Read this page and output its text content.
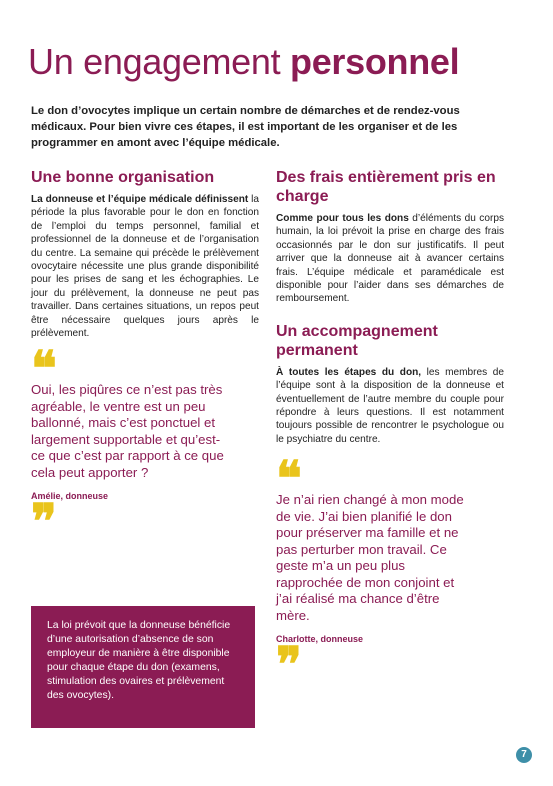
Un engagement personnel
Le don d’ovocytes implique un certain nombre de démarches et de rendez-vous médicaux. Pour bien vivre ces étapes, il est important de les organiser et de les programmer en amont avec l’équipe médicale.
Une bonne organisation

La donneuse et l’équipe médicale définissent la période la plus favorable pour le don en fonction de l’emploi du temps personnel, familial et professionnel de la donneuse et de l’organisation du centre. La semaine qui précède le prélèvement ovocytaire nécessite une plus grande disponibilité pour les prises de sang et les échographies. Le jour du prélèvement, la donneuse ne peut pas travailler. Dans certaines situations, un repos peut être nécessaire quelques jours après le prélèvement.

❝

Oui, les piqûres ce n’est pas très agréable, le ventre est un peu ballonné, mais c’est ponctuel et largement supportable et qu’est-ce que c’est par rapport à ce que cela peut apporter ?

Amélie, donneuse
❞
La loi prévoit que la donneuse bénéficie d’une autorisation d’absence de son employeur de manière à être disponible pour chaque étape du don (examens, stimulation des ovaires et prélèvement des ovocytes).
Des frais entièrement pris en charge

Comme pour tous les dons d’éléments du corps humain, la loi prévoit la prise en charge des frais occasionnés par le don sur justificatifs. Il peut arriver que la donneuse ait à avancer certains frais. L’équipe médicale et paramédicale est disponible pour l’aider dans ses démarches de remboursement.

Un accompagnement permanent

À toutes les étapes du don, les membres de l’équipe sont à la disposition de la donneuse et éventuellement de l’autre membre du couple pour répondre à leurs questions. Il est notamment toujours possible de rencontrer le psychologue ou le psychiatre du centre.

❝

Je n’ai rien changé à mon mode de vie. J’ai bien planifié le don pour préserver ma famille et ne pas perturber mon travail. Ce geste m’a un peu plus rapprochée de mon conjoint et j’ai réalisé ma chance d’être mère.

Charlotte, donneuse
❞
7
